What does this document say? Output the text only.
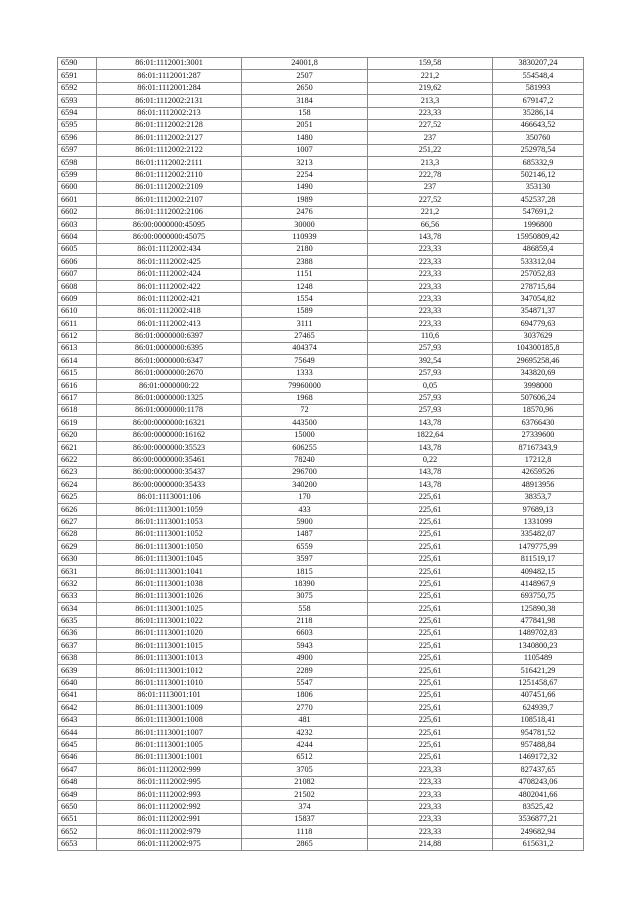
6590	86:01:1112001:3001	24001,8	159,58	3830207,24
6591	86:01:1112001:287	2507	221,2	554548,4
6592	86:01:1112001:284	2650	219,62	581993
6593	86:01:1112002:2131	3184	213,3	679147,2
6594	86:01:1112002:213	158	223,33	35286,14
6595	86:01:1112002:2128	2051	227,52	466643,52
6596	86:01:1112002:2127	1480	237	350760
6597	86:01:1112002:2122	1007	251,22	252978,54
6598	86:01:1112002:2111	3213	213,3	685332,9
6599	86:01:1112002:2110	2254	222,78	502146,12
6600	86:01:1112002:2109	1490	237	353130
6601	86:01:1112002:2107	1989	227,52	452537,28
6602	86:01:1112002:2106	2476	221,2	547691,2
6603	86:00:0000000:45095	30000	66,56	1996800
6604	86:00:0000000:45075	110939	143,78	15950809,42
6605	86:01:1112002:434	2180	223,33	486859,4
6606	86:01:1112002:425	2388	223,33	533312,04
6607	86:01:1112002:424	1151	223,33	257052,83
6608	86:01:1112002:422	1248	223,33	278715,84
6609	86:01:1112002:421	1554	223,33	347054,82
6610	86:01:1112002:418	1589	223,33	354871,37
6611	86:01:1112002:413	3111	223,33	694779,63
6612	86:01:0000000:6397	27465	110,6	3037629
6613	86:01:0000000:6395	404374	257,93	104300185,8
6614	86:01:0000000:6347	75649	392,54	29695258,46
6615	86:01:0000000:2670	1333	257,93	343820,69
6616	86:01:0000000:22	79960000	0,05	3998000
6617	86:01:0000000:1325	1968	257,93	507606,24
6618	86:01:0000000:1178	72	257,93	18570,96
6619	86:00:0000000:16321	443500	143,78	63766430
6620	86:00:0000000:16162	15000	1822,64	27339600
6621	86:00:0000000:35523	606255	143,78	87167343,9
6622	86:00:0000000:35461	78240	0,22	17212,8
6623	86:00:0000000:35437	296700	143,78	42659526
6624	86:00:0000000:35433	340200	143,78	48913956
6625	86:01:1113001:106	170	225,61	38353,7
6626	86:01:1113001:1059	433	225,61	97689,13
6627	86:01:1113001:1053	5900	225,61	1331099
6628	86:01:1113001:1052	1487	225,61	335482,07
6629	86:01:1113001:1050	6559	225,61	1479775,99
6630	86:01:1113001:1045	3597	225,61	811519,17
6631	86:01:1113001:1041	1815	225,61	409482,15
6632	86:01:1113001:1038	18390	225,61	4148967,9
6633	86:01:1113001:1026	3075	225,61	693750,75
6634	86:01:1113001:1025	558	225,61	125890,38
6635	86:01:1113001:1022	2118	225,61	477841,98
6636	86:01:1113001:1020	6603	225,61	1489702,83
6637	86:01:1113001:1015	5943	225,61	1340800,23
6638	86:01:1113001:1013	4900	225,61	1105489
6639	86:01:1113001:1012	2289	225,61	516421,29
6640	86:01:1113001:1010	5547	225,61	1251458,67
6641	86:01:1113001:101	1806	225,61	407451,66
6642	86:01:1113001:1009	2770	225,61	624939,7
6643	86:01:1113001:1008	481	225,61	108518,41
6644	86:01:1113001:1007	4232	225,61	954781,52
6645	86:01:1113001:1005	4244	225,61	957488,84
6646	86:01:1113001:1001	6512	225,61	1469172,32
6647	86:01:1112002:999	3705	223,33	827437,65
6648	86:01:1112002:995	21082	223,33	4708243,06
6649	86:01:1112002:993	21502	223,33	4802041,66
6650	86:01:1112002:992	374	223,33	83525,42
6651	86:01:1112002:991	15837	223,33	3536877,21
6652	86:01:1112002:979	1118	223,33	249682,94
6653	86:01:1112002:975	2865	214,88	615631,2
